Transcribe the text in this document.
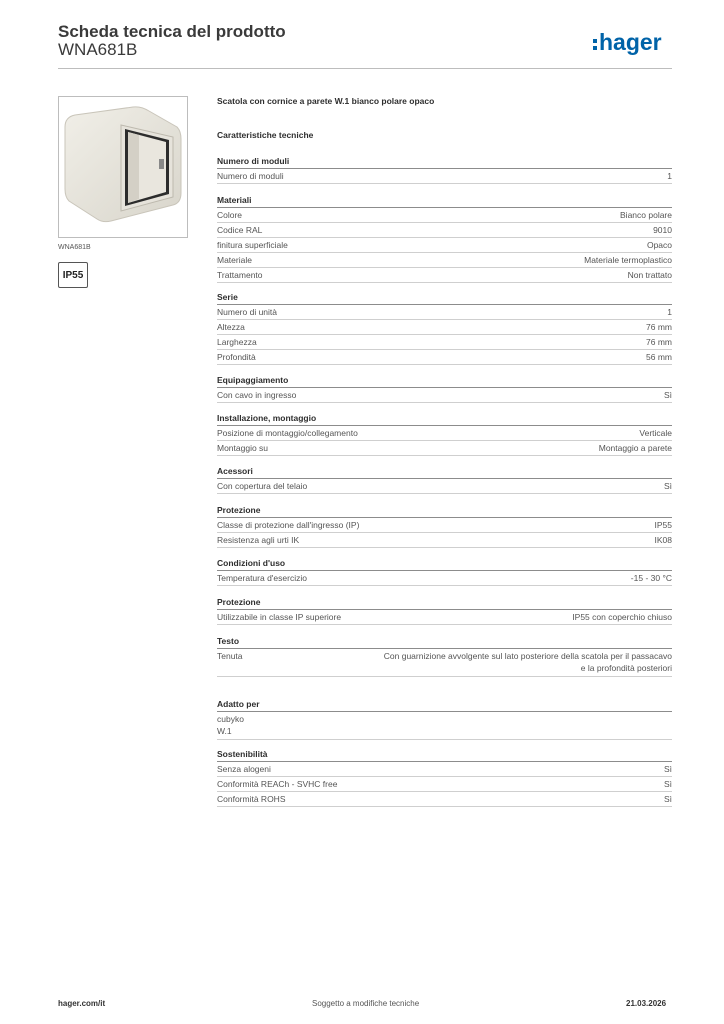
Scheda tecnica del prodotto
WNA681B	hager
WNA681B
IP55
Scatola con cornice a parete W.1 bianco polare opaco
Caratteristiche tecniche
Numero di moduli
Numero di moduli	1
Materiali
Colore	Bianco polare
Codice RAL	9010
finitura superficiale	Opaco
Materiale	Materiale termoplastico
Trattamento	Non trattato
Serie
Numero di unità	1
Altezza	76 mm
Larghezza	76 mm
Profondità	56 mm
Equipaggiamento
Con cavo in ingresso	Sì
Installazione, montaggio
Posizione di montaggio/collegamento	Verticale
Montaggio su	Montaggio a parete
Acessori
Con copertura del telaio	Sì
Protezione
Classe di protezione dall'ingresso (IP)	IP55
Resistenza agli urti IK	IK08
Condizioni d'uso
Temperatura d'esercizio	-15 - 30 °C
Protezione
Utilizzabile in classe IP superiore	IP55 con coperchio chiuso
Testo
Tenuta	Con guarnizione avvolgente sul lato posteriore della scatola per il passacavo e la profondità posteriori
Adatto per
cubyko
W.1
Sostenibilità
Senza alogeni	Sì
Conformità REACh - SVHC free	Sì
Conformità ROHS	Sì
hager.com/it	Soggetto a modifiche tecniche	21.03.2026
